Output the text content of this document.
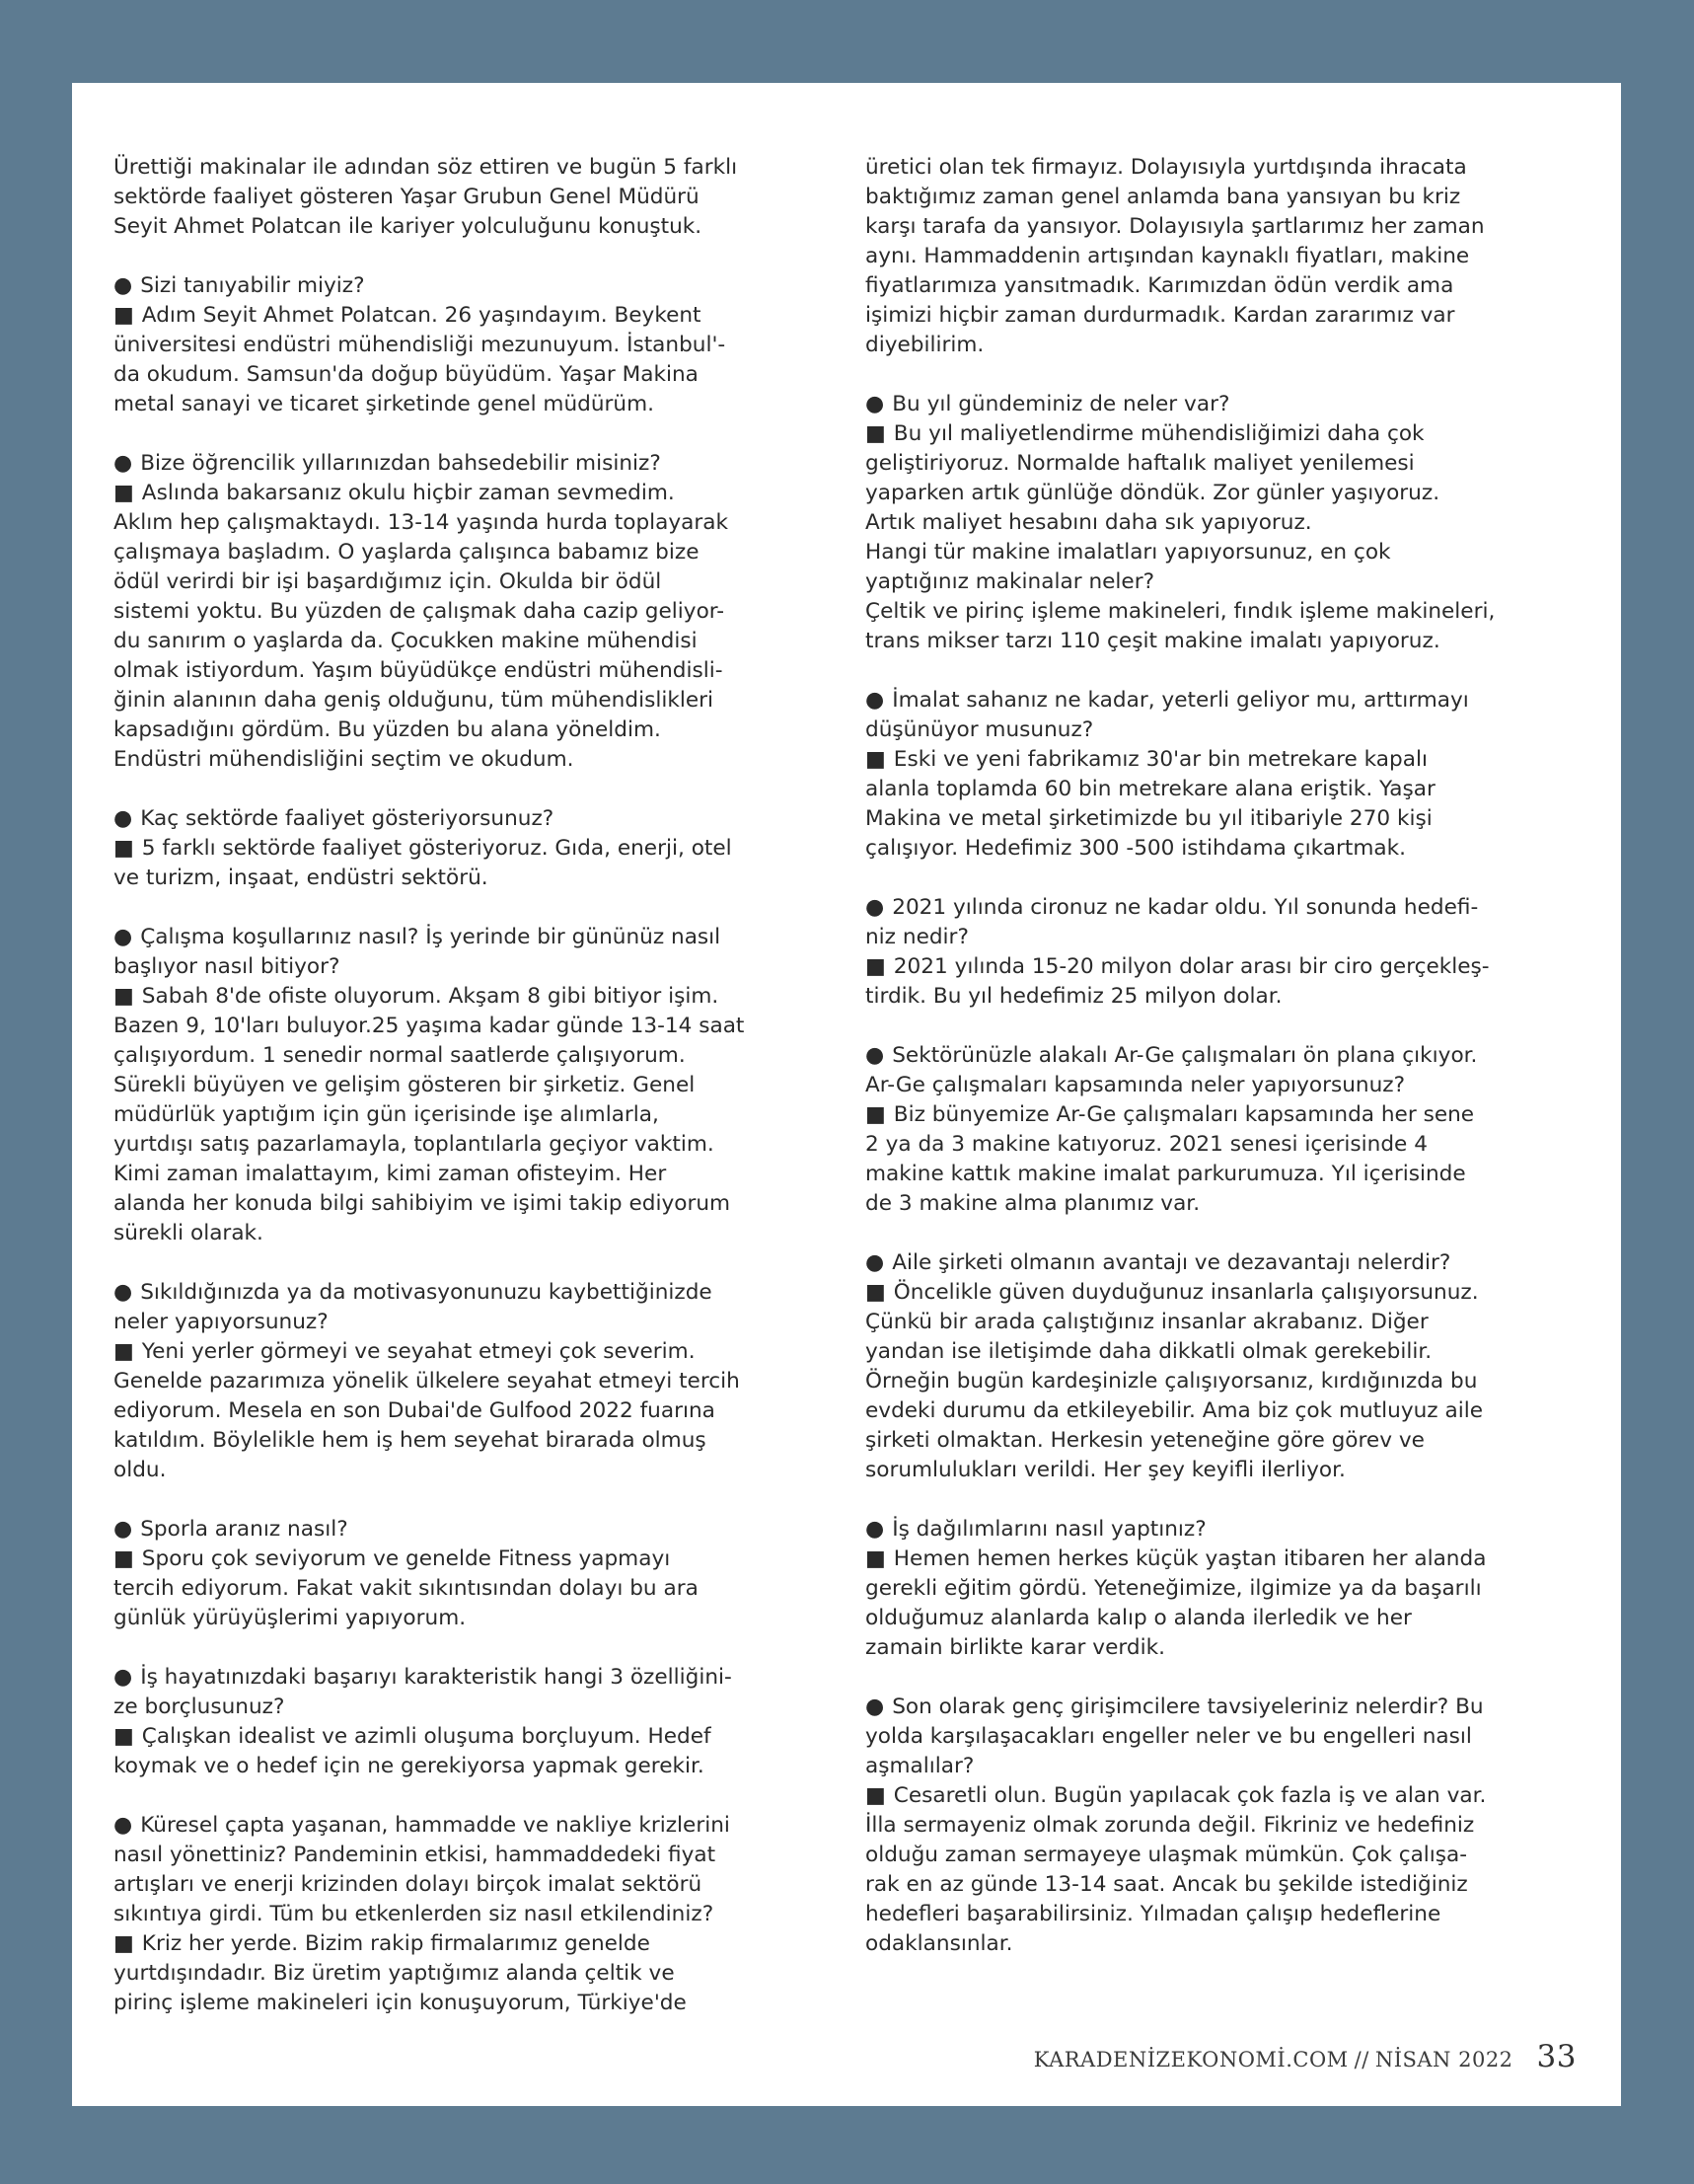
Ürettiği makinalar ile adından söz ettiren ve bugün 5 farklı
sektörde faaliyet gösteren Yaşar Grubun Genel Müdürü
Seyit Ahmet Polatcan ile kariyer yolculuğunu konuştuk.

● Sizi tanıyabilir miyiz?
■ Adım Seyit Ahmet Polatcan. 26 yaşındayım. Beykent
üniversitesi endüstri mühendisliği mezunuyum. İstanbul'-
da okudum. Samsun'da doğup büyüdüm. Yaşar Makina
metal sanayi ve ticaret şirketinde genel müdürüm.

● Bize öğrencilik yıllarınızdan bahsedebilir misiniz?
■ Aslında bakarsanız okulu hiçbir zaman sevmedim.
Aklım hep çalışmaktaydı. 13-14 yaşında hurda toplayarak
çalışmaya başladım. O yaşlarda çalışınca babamız bize
ödül verirdi bir işi başardığımız için. Okulda bir ödül
sistemi yoktu. Bu yüzden de çalışmak daha cazip geliyor-
du sanırım o yaşlarda da. Çocukken makine mühendisi
olmak istiyordum. Yaşım büyüdükçe endüstri mühendisli-
ğinin alanının daha geniş olduğunu, tüm mühendislikleri
kapsadığını gördüm. Bu yüzden bu alana yöneldim.
Endüstri mühendisliğini seçtim ve okudum.

● Kaç sektörde faaliyet gösteriyorsunuz?
■ 5 farklı sektörde faaliyet gösteriyoruz. Gıda, enerji, otel
ve turizm, inşaat, endüstri sektörü.

● Çalışma koşullarınız nasıl? İş yerinde bir gününüz nasıl
başlıyor nasıl bitiyor?
■ Sabah 8'de ofiste oluyorum. Akşam 8 gibi bitiyor işim.
Bazen 9, 10'ları buluyor.25 yaşıma kadar günde 13-14 saat
çalışıyordum. 1 senedir normal saatlerde çalışıyorum.
Sürekli büyüyen ve gelişim gösteren bir şirketiz. Genel
müdürlük yaptığım için gün içerisinde işe alımlarla,
yurtdışı satış pazarlamayla, toplantılarla geçiyor vaktim.
Kimi zaman imalattayım, kimi zaman ofisteyim. Her
alanda her konuda bilgi sahibiyim ve işimi takip ediyorum
sürekli olarak.

● Sıkıldığınızda ya da motivasyonunuzu kaybettiğinizde
neler yapıyorsunuz?
■ Yeni yerler görmeyi ve seyahat etmeyi çok severim.
Genelde pazarımıza yönelik ülkelere seyahat etmeyi tercih
ediyorum. Mesela en son Dubai'de Gulfood 2022 fuarına
katıldım. Böylelikle hem iş hem seyehat birarada olmuş
oldu.

● Sporla aranız nasıl?
■ Sporu çok seviyorum ve genelde Fitness yapmayı
tercih ediyorum. Fakat vakit sıkıntısından dolayı bu ara
günlük yürüyüşlerimi yapıyorum.

● İş hayatınızdaki başarıyı karakteristik hangi 3 özelliğini-
ze borçlusunuz?
■ Çalışkan idealist ve azimli oluşuma borçluyum. Hedef
koymak ve o hedef için ne gerekiyorsa yapmak gerekir.

● Küresel çapta yaşanan, hammadde ve nakliye krizlerini
nasıl yönettiniz? Pandeminin etkisi, hammaddedeki fiyat
artışları ve enerji krizinden dolayı birçok imalat sektörü
sıkıntıya girdi. Tüm bu etkenlerden siz nasıl etkilendiniz?
■ Kriz her yerde. Bizim rakip firmalarımız genelde
yurtdışındadır. Biz üretim yaptığımız alanda çeltik ve
pirinç işleme makineleri için konuşuyorum, Türkiye'de

üretici olan tek firmayız. Dolayısıyla yurtdışında ihracata
baktığımız zaman genel anlamda bana yansıyan bu kriz
karşı tarafa da yansıyor. Dolayısıyla şartlarımız her zaman
aynı. Hammaddenin artışından kaynaklı fiyatları, makine
fiyatlarımıza yansıtmadık. Karımızdan ödün verdik ama
işimizi hiçbir zaman durdurmadık. Kardan zararımız var
diyebilirim.

● Bu yıl gündeminiz de neler var?
■ Bu yıl maliyetlendirme mühendisliğimizi daha çok
geliştiriyoruz. Normalde haftalık maliyet yenilemesi
yaparken artık günlüğe döndük. Zor günler yaşıyoruz.
Artık maliyet hesabını daha sık yapıyoruz.
Hangi tür makine imalatları yapıyorsunuz, en çok
yaptığınız makinalar neler?
Çeltik ve pirinç işleme makineleri, fındık işleme makineleri,
trans mikser tarzı 110 çeşit makine imalatı yapıyoruz.

● İmalat sahanız ne kadar, yeterli geliyor mu, arttırmayı
düşünüyor musunuz?
■ Eski ve yeni fabrikamız 30'ar bin metrekare kapalı
alanla toplamda 60 bin metrekare alana eriştik. Yaşar
Makina ve metal şirketimizde bu yıl itibariyle 270 kişi
çalışıyor. Hedefimiz 300 -500 istihdama çıkartmak.

● 2021 yılında cironuz ne kadar oldu. Yıl sonunda hedefi-
niz nedir?
■ 2021 yılında 15-20 milyon dolar arası bir ciro gerçekleş-
tirdik. Bu yıl hedefimiz 25 milyon dolar.

● Sektörünüzle alakalı Ar-Ge çalışmaları ön plana çıkıyor.
Ar-Ge çalışmaları kapsamında neler yapıyorsunuz?
■ Biz bünyemize Ar-Ge çalışmaları kapsamında her sene
2 ya da 3 makine katıyoruz. 2021 senesi içerisinde 4
makine kattık makine imalat parkurumuza. Yıl içerisinde
de 3 makine alma planımız var.

● Aile şirketi olmanın avantajı ve dezavantajı nelerdir?
■ Öncelikle güven duyduğunuz insanlarla çalışıyorsunuz.
Çünkü bir arada çalıştığınız insanlar akrabanız. Diğer
yandan ise iletişimde daha dikkatli olmak gerekebilir.
Örneğin bugün kardeşinizle çalışıyorsanız, kırdığınızda bu
evdeki durumu da etkileyebilir. Ama biz çok mutluyuz aile
şirketi olmaktan. Herkesin yeteneğine göre görev ve
sorumlulukları verildi. Her şey keyifli ilerliyor.

● İş dağılımlarını nasıl yaptınız?
■ Hemen hemen herkes küçük yaştan itibaren her alanda
gerekli eğitim gördü. Yeteneğimize, ilgimize ya da başarılı
olduğumuz alanlarda kalıp o alanda ilerledik ve her
zamain birlikte karar verdik.

● Son olarak genç girişimcilere tavsiyeleriniz nelerdir? Bu
yolda karşılaşacakları engeller neler ve bu engelleri nasıl
aşmalılar?
■ Cesaretli olun. Bugün yapılacak çok fazla iş ve alan var.
İlla sermayeniz olmak zorunda değil. Fikriniz ve hedefiniz
olduğu zaman sermayeye ulaşmak mümkün. Çok çalışa-
rak en az günde 13-14 saat. Ancak bu şekilde istediğiniz
hedefleri başarabilirsiniz. Yılmadan çalışıp hedeflerine
odaklansınlar.

KARADENİZEKONOMİ.COM // NİSAN 2022 33
